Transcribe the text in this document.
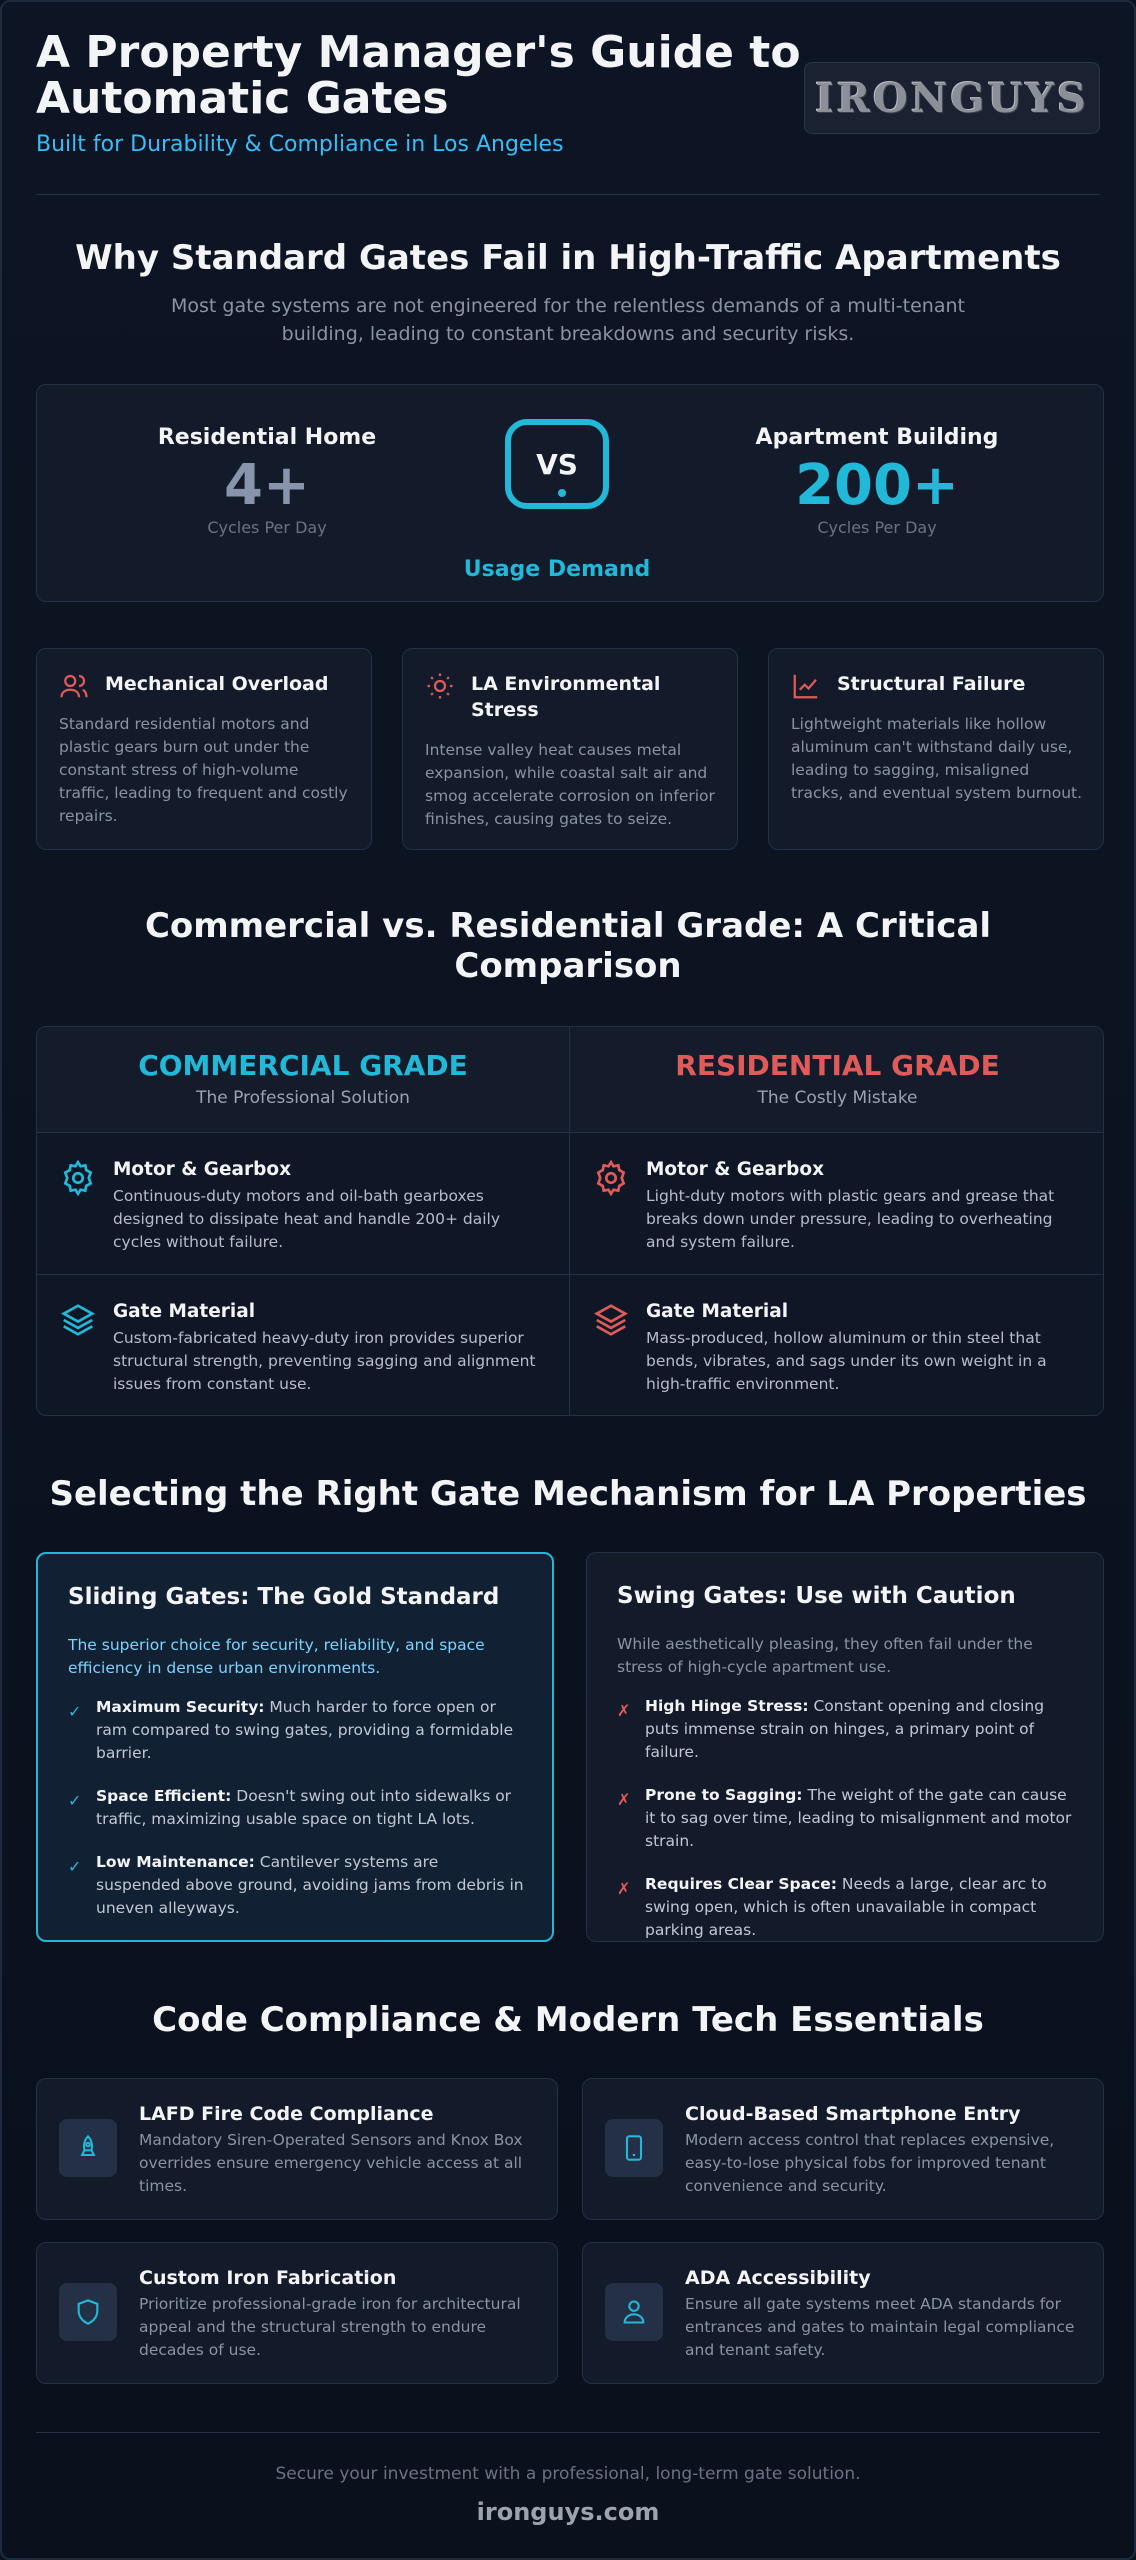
A Property Manager's Guide to Automatic Gates
Built for Durability & Compliance in Los Angeles
IRONGUYS
Why Standard Gates Fail in High-Traffic Apartments
Most gate systems are not engineered for the relentless demands of a multi-tenant building, leading to constant breakdowns and security risks.
Residential Home
4+
Cycles Per Day
VS
Usage Demand
Apartment Building
200+
Cycles Per Day
Mechanical Overload
Standard residential motors and plastic gears burn out under the constant stress of high-volume traffic, leading to frequent and costly repairs.
LA Environmental Stress
Intense valley heat causes metal expansion, while coastal salt air and smog accelerate corrosion on inferior finishes, causing gates to seize.
Structural Failure
Lightweight materials like hollow aluminum can't withstand daily use, leading to sagging, misaligned tracks, and eventual system burnout.
Commercial vs. Residential Grade: A Critical Comparison
COMMERCIAL GRADE
The Professional Solution
RESIDENTIAL GRADE
The Costly Mistake
Motor & Gearbox
Continuous-duty motors and oil-bath gearboxes designed to dissipate heat and handle 200+ daily cycles without failure.
Motor & Gearbox
Light-duty motors with plastic gears and grease that breaks down under pressure, leading to overheating and system failure.
Gate Material
Custom-fabricated heavy-duty iron provides superior structural strength, preventing sagging and alignment issues from constant use.
Gate Material
Mass-produced, hollow aluminum or thin steel that bends, vibrates, and sags under its own weight in a high-traffic environment.
Selecting the Right Gate Mechanism for LA Properties
Sliding Gates: The Gold Standard
The superior choice for security, reliability, and space efficiency in dense urban environments.
✓ Maximum Security: Much harder to force open or ram compared to swing gates, providing a formidable barrier.
✓ Space Efficient: Doesn't swing out into sidewalks or traffic, maximizing usable space on tight LA lots.
✓ Low Maintenance: Cantilever systems are suspended above ground, avoiding jams from debris in uneven alleyways.
Swing Gates: Use with Caution
While aesthetically pleasing, they often fail under the stress of high-cycle apartment use.
✗ High Hinge Stress: Constant opening and closing puts immense strain on hinges, a primary point of failure.
✗ Prone to Sagging: The weight of the gate can cause it to sag over time, leading to misalignment and motor strain.
✗ Requires Clear Space: Needs a large, clear arc to swing open, which is often unavailable in compact parking areas.
Code Compliance & Modern Tech Essentials
LAFD Fire Code Compliance
Mandatory Siren-Operated Sensors and Knox Box overrides ensure emergency vehicle access at all times.
Cloud-Based Smartphone Entry
Modern access control that replaces expensive, easy-to-lose physical fobs for improved tenant convenience and security.
Custom Iron Fabrication
Prioritize professional-grade iron for architectural appeal and the structural strength to endure decades of use.
ADA Accessibility
Ensure all gate systems meet ADA standards for entrances and gates to maintain legal compliance and tenant safety.
Secure your investment with a professional, long-term gate solution.
ironguys.com
